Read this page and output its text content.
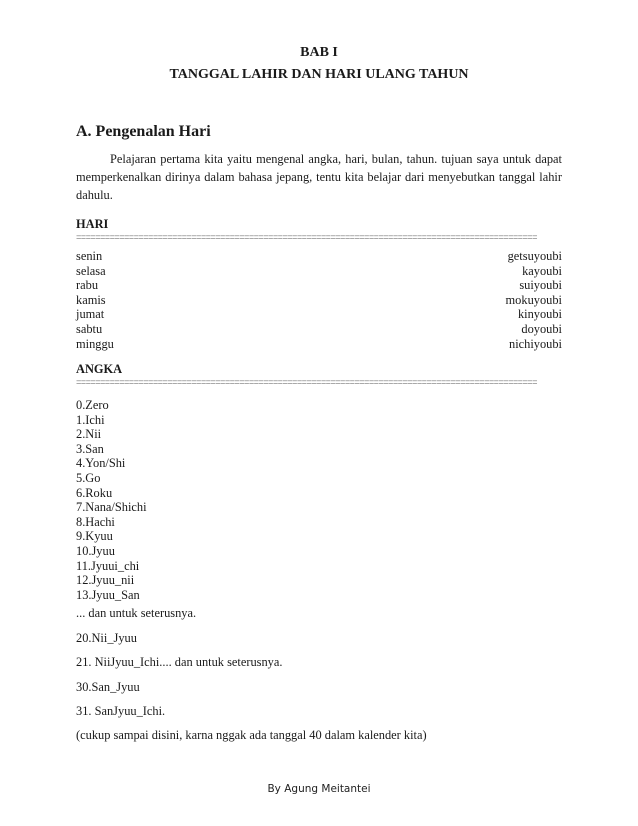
BAB I
TANGGAL LAHIR DAN HARI ULANG TAHUN
A. Pengenalan Hari

Pelajaran pertama kita yaitu mengenal angka, hari, bulan, tahun. tujuan saya untuk dapat memperkenalkan dirinya dalam bahasa jepang, tentu kita belajar dari menyebutkan tanggal lahir dahulu.

HARI
================================================================================================
senin	getsuyoubi
selasa	kayoubi
rabu	suiyoubi
kamis	mokuyoubi
jumat	kinyoubi
sabtu	doyoubi
minggu	nichiyoubi
ANGKA
================================================================================================
0.Zero
1.Ichi
2.Nii
3.San
4.Yon/Shi
5.Go
6.Roku
7.Nana/Shichi
8.Hachi
9.Kyuu
10.Jyuu
11.Jyuui_chi
12.Jyuu_nii
13.Jyuu_San
... dan untuk seterusnya.
20.Nii_Jyuu
21. NiiJyuu_Ichi.... dan untuk seterusnya.
30.San_Jyuu
31. SanJyuu_Ichi.
(cukup sampai disini, karna nggak ada tanggal 40 dalam kalender kita)
By Agung Meitantei
